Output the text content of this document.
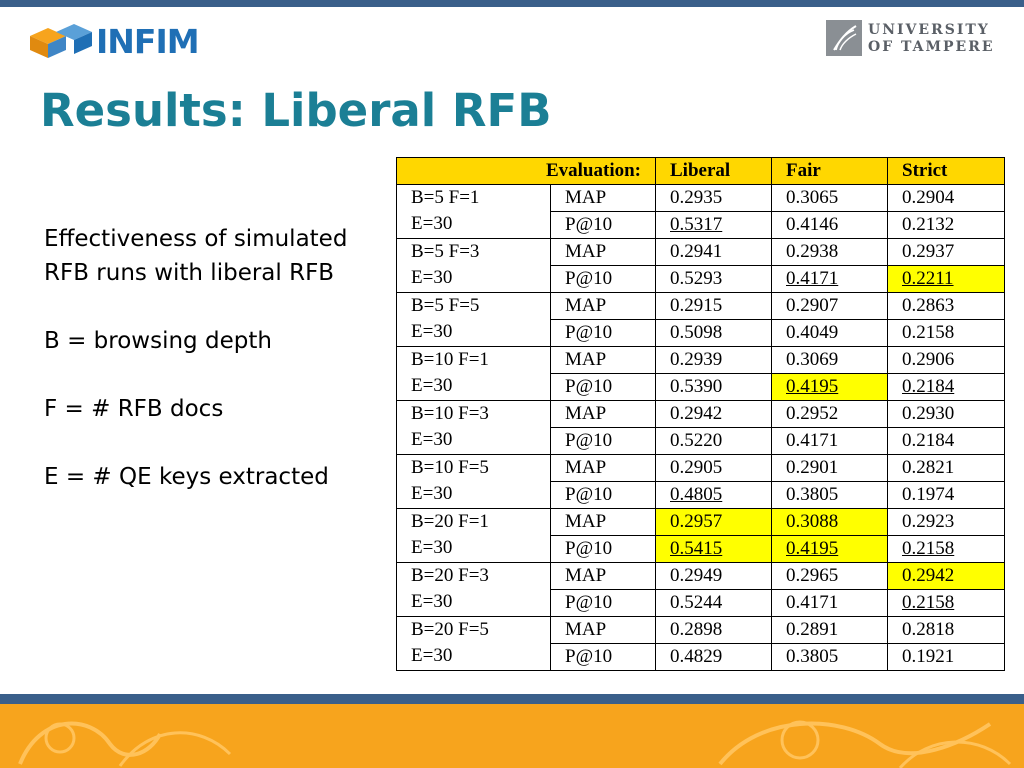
INFIM	UNIVERSITY
OF TAMPERE
Results: Liberal RFB

Effectiveness of simulated RFB runs with liberal RFB

B = browsing depth

F = # RFB docs

E = # QE keys extracted

Evaluation:		Liberal	Fair	Strict
B=5 F=1
E=30	MAP	0.2935	0.3065	0.2904
	P@10	0.5317	0.4146	0.2132
B=5 F=3
E=30	MAP	0.2941	0.2938	0.2937
	P@10	0.5293	0.4171	0.2211
B=5 F=5
E=30	MAP	0.2915	0.2907	0.2863
	P@10	0.5098	0.4049	0.2158
B=10 F=1
E=30	MAP	0.2939	0.3069	0.2906
	P@10	0.5390	0.4195	0.2184
B=10 F=3
E=30	MAP	0.2942	0.2952	0.2930
	P@10	0.5220	0.4171	0.2184
B=10 F=5
E=30	MAP	0.2905	0.2901	0.2821
	P@10	0.4805	0.3805	0.1974
B=20 F=1
E=30	MAP	0.2957	0.3088	0.2923
	P@10	0.5415	0.4195	0.2158
B=20 F=3
E=30	MAP	0.2949	0.2965	0.2942
	P@10	0.5244	0.4171	0.2158
B=20 F=5
E=30	MAP	0.2898	0.2891	0.2818
	P@10	0.4829	0.3805	0.1921
